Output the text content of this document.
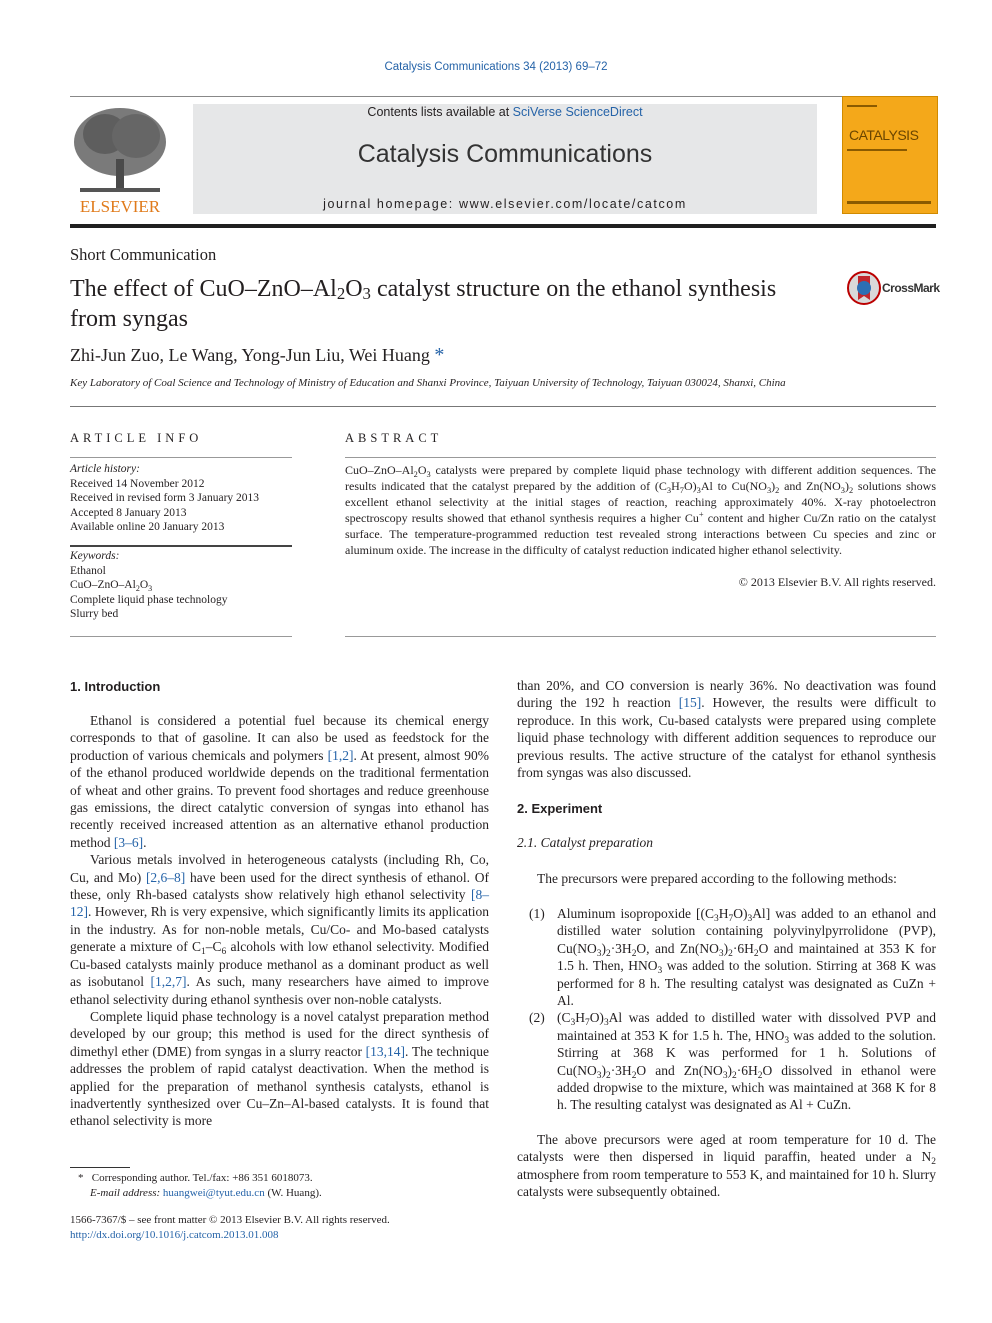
Catalysis Communications 34 (2013) 69–72
ELSEVIER
Contents lists available at SciVerse ScienceDirect
Catalysis Communications
journal homepage: www.elsevier.com/locate/catcom
CATALYSIS
Short Communication
The effect of CuO–$ZnO-Al_2O_3$ catalyst structure on the ethanol synthesis
from syngas
CrossMark
Zhi-Jun Zuo, Le Wang, Yong-Jun Liu, Wei Huang *
Key Laboratory of Coal Science and Technology of Ministry of Education and Shanxi Province, Taiyuan University of Technology, Taiyuan 030024, Shanxi, China
ARTICLE INFO
Article history:
Received 14 November 2012
Received in revised form 3 January 2013
Accepted 8 January 2013
Available online 20 January 2013
Keywords:
Ethanol
CuO–$ZnO-Al_2O_3$
Complete liquid phase technology
Slurry bed
ABSTRACT
CuO–$ZnO-Al_2O_3$ catalysts were prepared by complete liquid phase technology with different addition sequences. The results indicated that the catalyst prepared by the addition of $(C_3H_7O)_3Al$ to $Cu(NO_3)_2$ and $Zn(NO_3)_2$ solutions shows excellent ethanol selectivity at the initial stages of reaction, reaching approximately 40%. X-ray photoelectron spectroscopy results showed that ethanol synthesis requires a higher Cu+ content and higher Cu/Zn ratio on the catalyst surface. The temperature-programmed reduction test revealed strong interactions between Cu species and zinc or aluminum oxide. The increase in the difficulty of catalyst reduction indicated higher ethanol selectivity.
© 2013 Elsevier B.V. All rights reserved.
1. Introduction

Ethanol is considered a potential fuel because its chemical energy corresponds to that of gasoline. It can also be used as feedstock for the production of various chemicals and polymers [1,2]. At present, almost 90% of the ethanol produced worldwide depends on the traditional fermentation of wheat and other grains. To prevent food shortages and reduce greenhouse gas emissions, the direct catalytic conversion of syngas into ethanol has recently received increased attention as an alternative ethanol production method [3–6].

Various metals involved in heterogeneous catalysts (including Rh, Co, Cu, and Mo) [2,6–8] have been used for the direct synthesis of ethanol. Of these, only Rh-based catalysts show relatively high ethanol selectivity [8–12]. However, Rh is very expensive, which significantly limits its application in the industry. As for non-noble metals, Cu/Co- and Mo-based catalysts generate a mixture of $C_1-C_6$ alcohols with low ethanol selectivity. Modified Cu-based catalysts mainly produce methanol as a dominant product as well as isobutanol [1,2,7]. As such, many researchers have aimed to improve ethanol selectivity during ethanol synthesis over non-noble catalysts.

Complete liquid phase technology is a novel catalyst preparation method developed by our group; this method is used for the direct synthesis of dimethyl ether (DME) from syngas in a slurry reactor [13,14]. The technique addresses the problem of rapid catalyst deactivation. When the method is applied for the preparation of methanol synthesis catalysts, ethanol is inadvertently synthesized over Cu–Zn–Al-based catalysts. It is found that ethanol selectivity is more

* Corresponding author. Tel./fax: +86 351 6018073.
E-mail address: huangwei@tyut.edu.cn (W. Huang).
1566-7367/$ – see front matter © 2013 Elsevier B.V. All rights reserved.
http://dx.doi.org/10.1016/j.catcom.2013.01.008

than 20%, and CO conversion is nearly 36%. No deactivation was found during the 192 h reaction [15]. However, the results were difficult to reproduce. In this work, Cu-based catalysts were prepared using complete liquid phase technology with different addition sequences to reproduce our previous results. The active structure of the catalyst for ethanol synthesis from syngas was also discussed.

2. Experiment
2.1. Catalyst preparation

The precursors were prepared according to the following methods:

(1) Aluminum isopropoxide $[(C_3H_7O)_3Al]$ was added to an ethanol and distilled water solution containing polyvinylpyrrolidone (PVP), $Cu(NO_3)_2\cdot 3H_2O$, and $Zn(NO_3)_2\cdot 6H_2O$ and maintained at 353 K for 1.5 h. Then, $HNO_3$ was added to the solution. Stirring at 368 K was performed for 8 h. The resulting catalyst was designated as CuZn + Al.
(2) $(C_3H_7O)_3Al$ was added to distilled water with dissolved PVP and maintained at 353 K for 1.5 h. The, $HNO_3$ was added to the solution. Stirring at 368 K was performed for 1 h. Solutions of $Cu(NO_3)_2\cdot 3H_2O$ and $Zn(NO_3)_2\cdot 6H_2O$ dissolved in ethanol were added dropwise to the mixture, which was maintained at 368 K for 8 h. The resulting catalyst was designated as Al + CuZn.

The above precursors were aged at room temperature for 10 d. The catalysts were then dispersed in liquid paraffin, heated under a $N_2$ atmosphere from room temperature to 553 K, and maintained for 10 h. Slurry catalysts were subsequently obtained.
